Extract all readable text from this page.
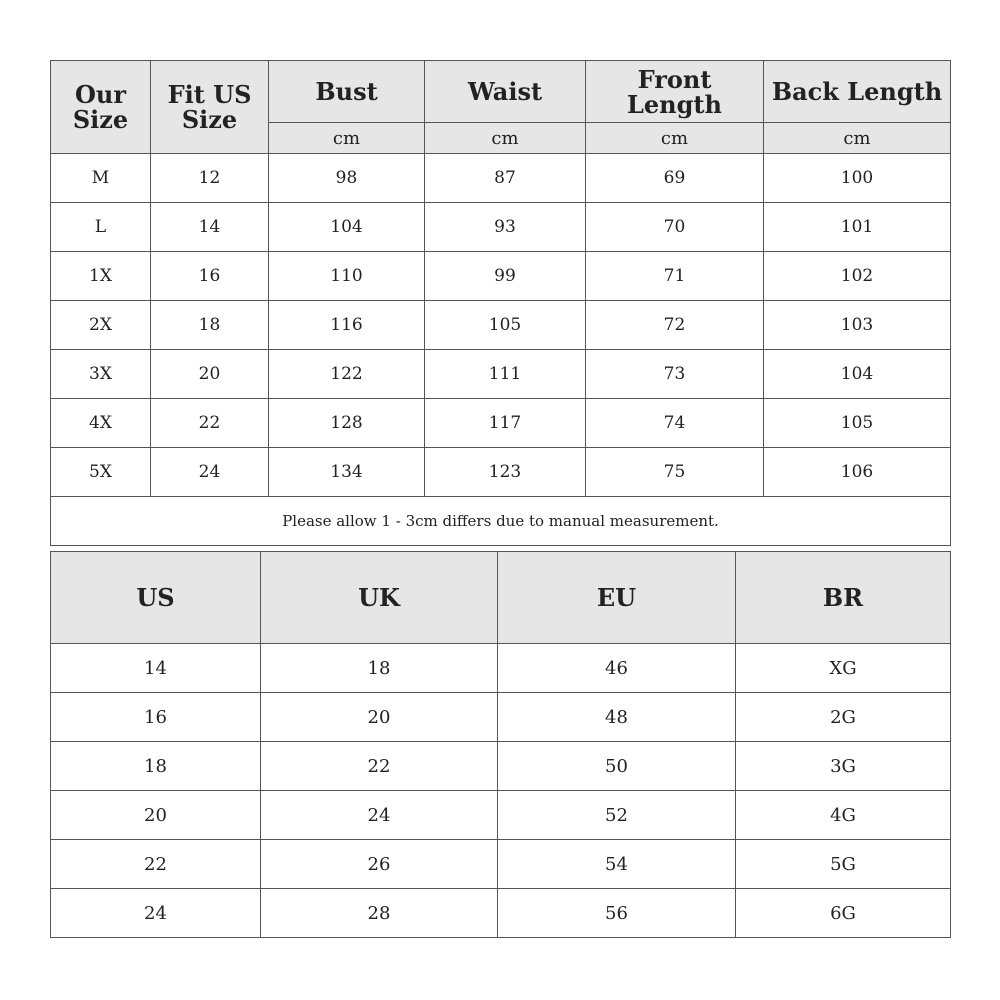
Our Size	Fit US Size	Bust	Waist	Front Length	Back Length
		cm	cm	cm	cm
M	12	98	87	69	100
L	14	104	93	70	101
1X	16	110	99	71	102
2X	18	116	105	72	103
3X	20	122	111	73	104
4X	22	128	117	74	105
5X	24	134	123	75	106
Please allow 1 - 3cm differs due to manual measurement.					
US	UK	EU	BR
14	18	46	XG
16	20	48	2G
18	22	50	3G
20	24	52	4G
22	26	54	5G
24	28	56	6G
